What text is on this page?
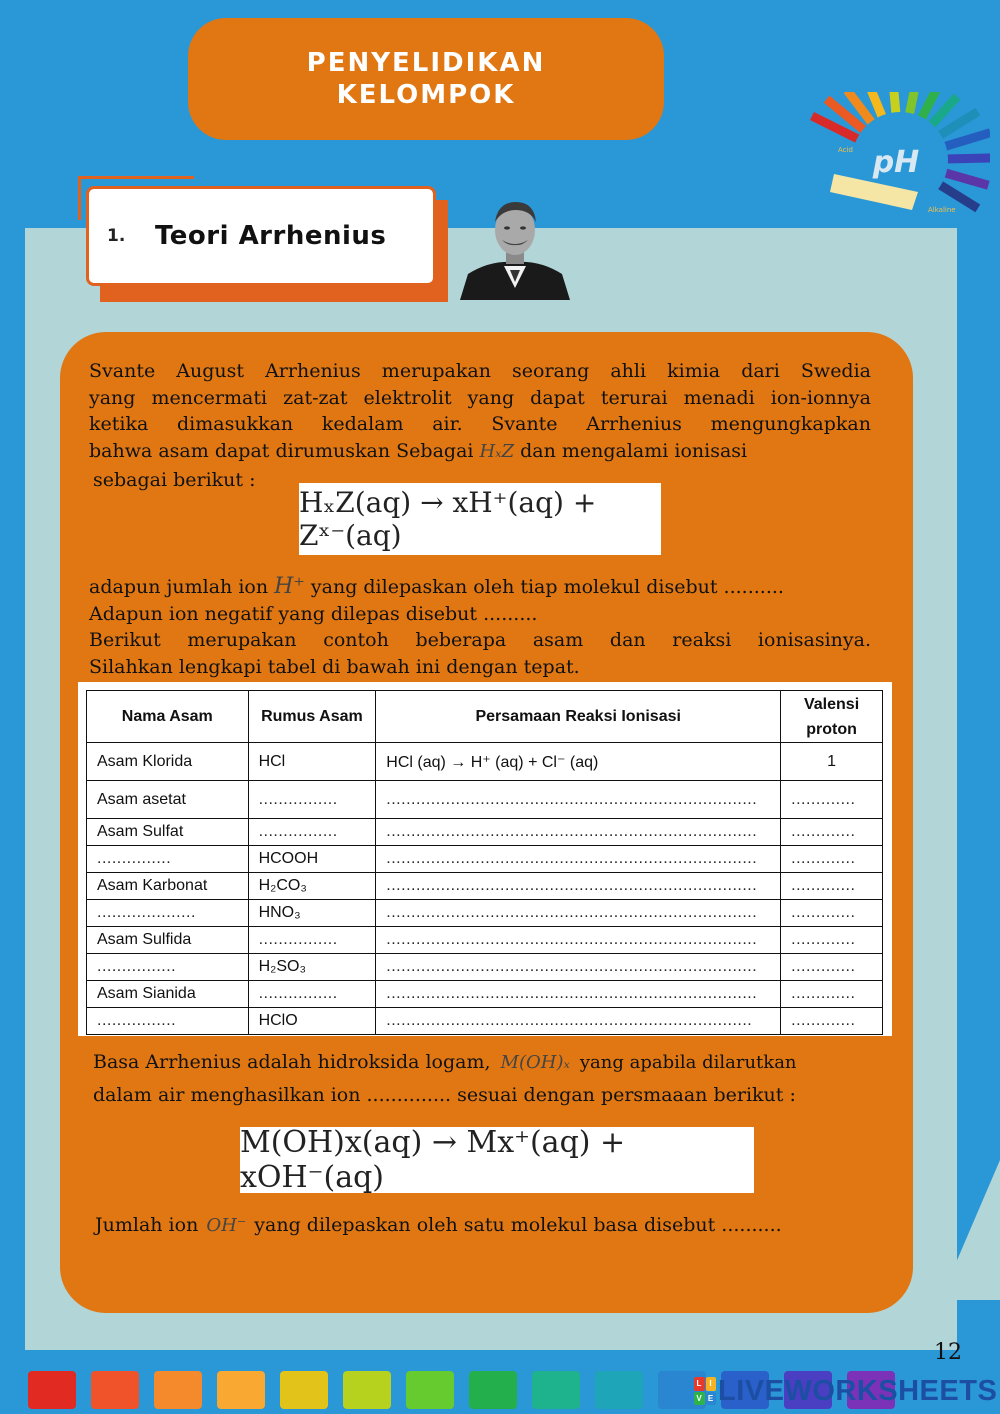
PENYELIDIKAN KELOMPOK
pH
Acid
Alkaline
1.	Teori Arrhenius
Svante August Arrhenius merupakan seorang ahli kimia dari Swedia
yang mencermati zat-zat elektrolit yang dapat terurai menadi ion-ionnya
ketika dimasukkan kedalam air. Svante Arrhenius mengungkapkan
bahwa asam dapat dirumuskan Sebagai HₓZ dan mengalami ionisasi
sebagai berikut :
HₓZ(aq) → xH⁺(aq) + Zˣ⁻(aq)
adapun jumlah ion H⁺ yang dilepaskan oleh tiap molekul disebut ..........
Adapun ion negatif yang dilepas disebut .........
Berikut merupakan contoh beberapa asam dan reaksi ionisasinya.
Silahkan lengkapi tabel di bawah ini dengan tepat.
Nama Asam	Rumus Asam	Persamaan Reaksi Ionisasi	Valensi proton
Asam Klorida	HCl	HCl (aq) → H⁺ (aq) + Cl⁻ (aq)	1
Asam asetat	................	...........................................................................	.............
Asam Sulfat	................	...........................................................................	.............
...............	HCOOH	...........................................................................	.............
Asam Karbonat	H₂CO₃	...........................................................................	.............
....................	HNO₃	...........................................................................	.............
Asam Sulfida	................	...........................................................................	.............
................	H₂SO₃	...........................................................................	.............
Asam Sianida	................	...........................................................................	.............
................	HClO	..........................................................................	.............
Basa Arrhenius adalah hidroksida logam, M(OH)ₓ yang apabila dilarutkan
dalam air menghasilkan ion .............. sesuai dengan persmaaan berikut :
M(OH)x(aq) → Mx⁺(aq) + xOH⁻(aq)
Jumlah ion OH⁻ yang dilepaskan oleh satu molekul basa disebut ..........
12
L I
V E LIVEWORKSHEETS
